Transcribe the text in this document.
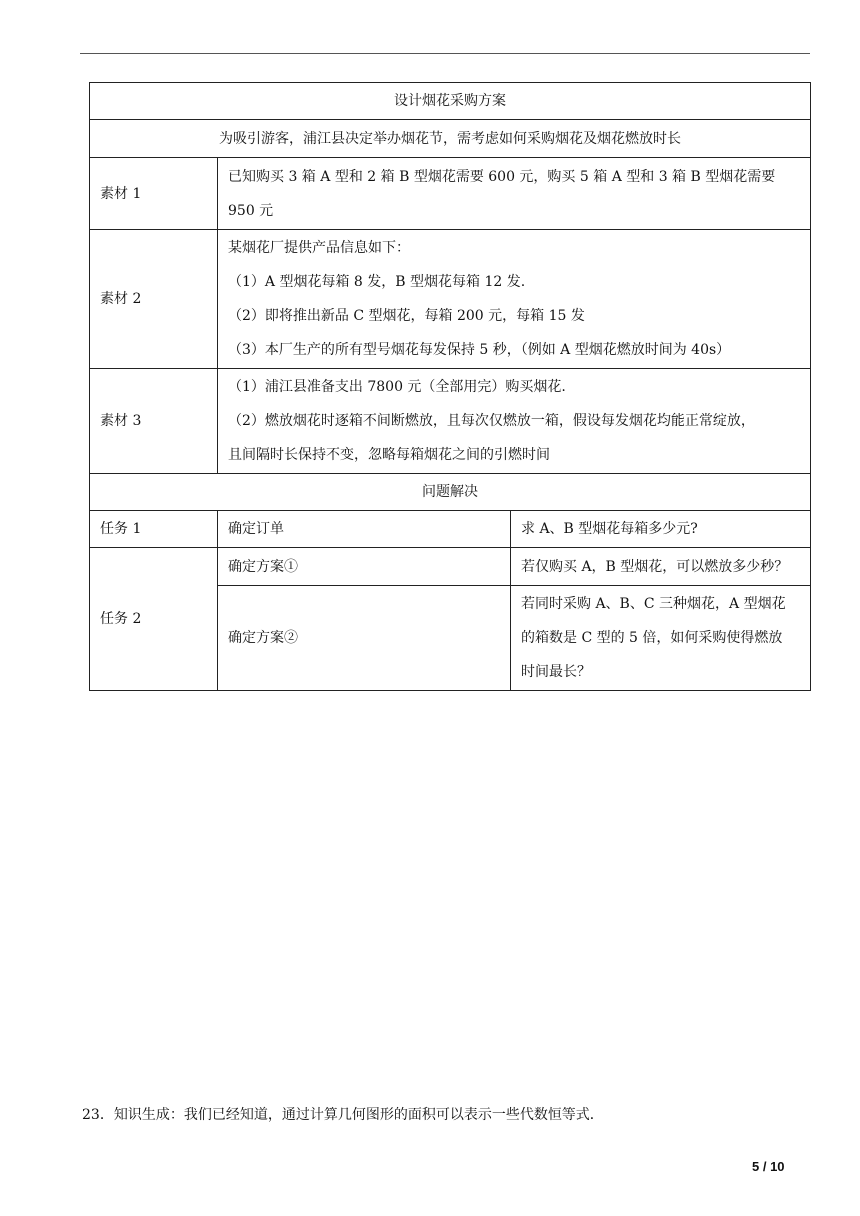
设计烟花采购方案		
为吸引游客，浦江县决定举办烟花节，需考虑如何采购烟花及烟花燃放时长		
素材 1	已知购买 3 箱 A 型和 2 箱 B 型烟花需要 600 元，购买 5 箱 A 型和 3 箱 B 型烟花需要
950 元	

素材 2	某烟花厂提供产品信息如下：
（1）A 型烟花每箱 8 发，B 型烟花每箱 12 发.
（2）即将推出新品 C 型烟花，每箱 200 元，每箱 15 发
（3）本厂生产的所有型号烟花每发保持 5 秒，（例如 A 型烟花燃放时间为 40s）	

素材 3	（1）浦江县准备支出 7800 元（全部用完）购买烟花.
（2）燃放烟花时逐箱不间断燃放，且每次仅燃放一箱，假设每发烟花均能正常绽放，
且间隔时长保持不变，忽略每箱烟花之间的引燃时间	

问题解决		
任务 1	确定订单	求 A、B 型烟花每箱多少元?
任务 2	确定方案①	若仅购买 A，B 型烟花，可以燃放多少秒？
	确定方案②	若同时采购 A、B、C 三种烟花，A 型烟花
的箱数是 C 型的 5 倍，如何采购使得燃放
时间最长？
23．知识生成：我们已经知道，通过计算几何图形的面积可以表示一些代数恒等式．
5 / 10
